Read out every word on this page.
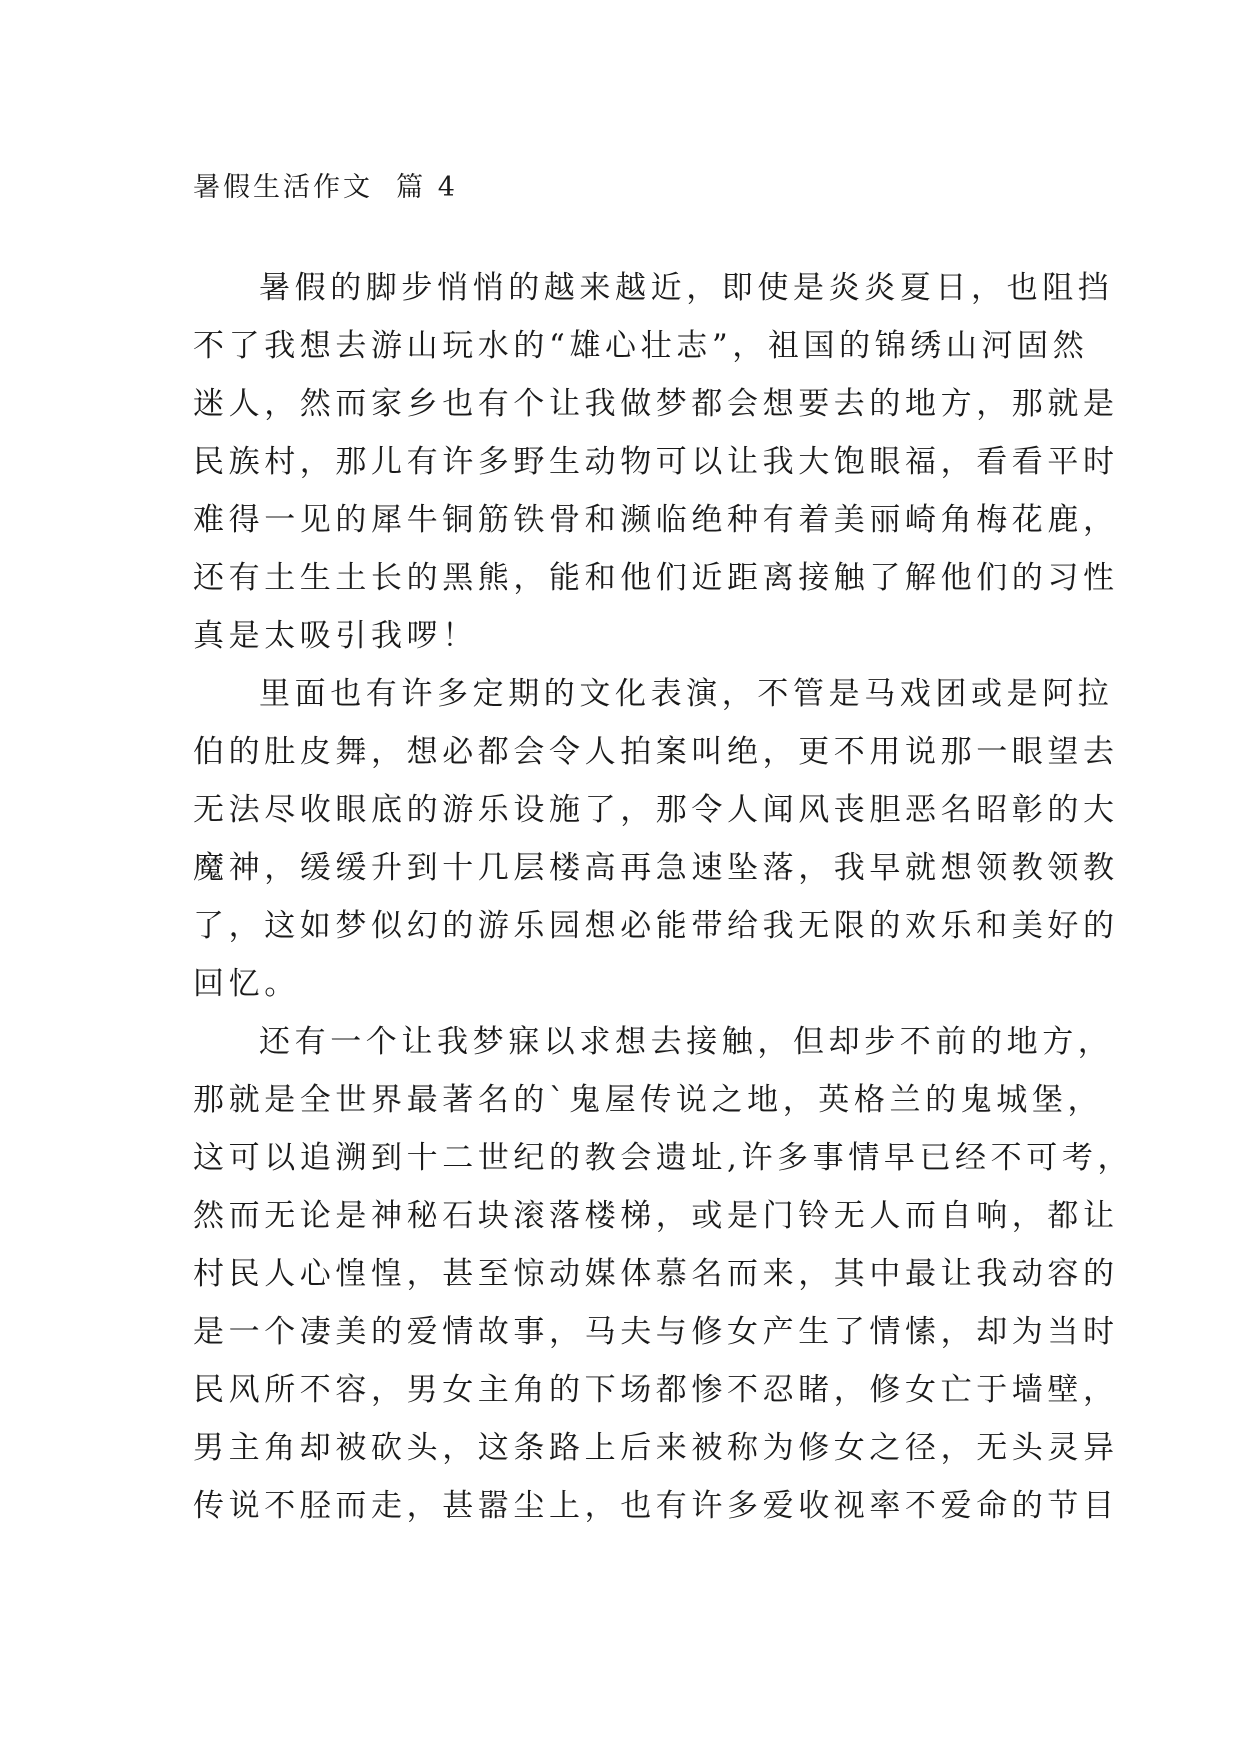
暑假生活作文  篇 4
暑假的脚步悄悄的越来越近，即使是炎炎夏日，也阻挡
不了我想去游山玩水的“雄心壮志”，祖国的锦绣山河固然
迷人，然而家乡也有个让我做梦都会想要去的地方，那就是
民族村，那儿有许多野生动物可以让我大饱眼福，看看平时
难得一见的犀牛铜筋铁骨和濒临绝种有着美丽崎角梅花鹿，
还有土生土长的黑熊，能和他们近距离接触了解他们的习性
真是太吸引我啰！
里面也有许多定期的文化表演，不管是马戏团或是阿拉
伯的肚皮舞，想必都会令人拍案叫绝，更不用说那一眼望去
无法尽收眼底的游乐设施了，那令人闻风丧胆恶名昭彰的大
魔神，缓缓升到十几层楼高再急速坠落，我早就想领教领教
了，这如梦似幻的游乐园想必能带给我无限的欢乐和美好的
回忆。
还有一个让我梦寐以求想去接触，但却步不前的地方，
那就是全世界最著名的`鬼屋传说之地，英格兰的鬼城堡，
这可以追溯到十二世纪的教会遗址,许多事情早已经不可考，
然而无论是神秘石块滚落楼梯，或是门铃无人而自响，都让
村民人心惶惶，甚至惊动媒体慕名而来，其中最让我动容的
是一个凄美的爱情故事，马夫与修女产生了情愫，却为当时
民风所不容，男女主角的下场都惨不忍睹，修女亡于墙壁，
男主角却被砍头，这条路上后来被称为修女之径，无头灵异
传说不胫而走，甚嚣尘上，也有许多爱收视率不爱命的节目
